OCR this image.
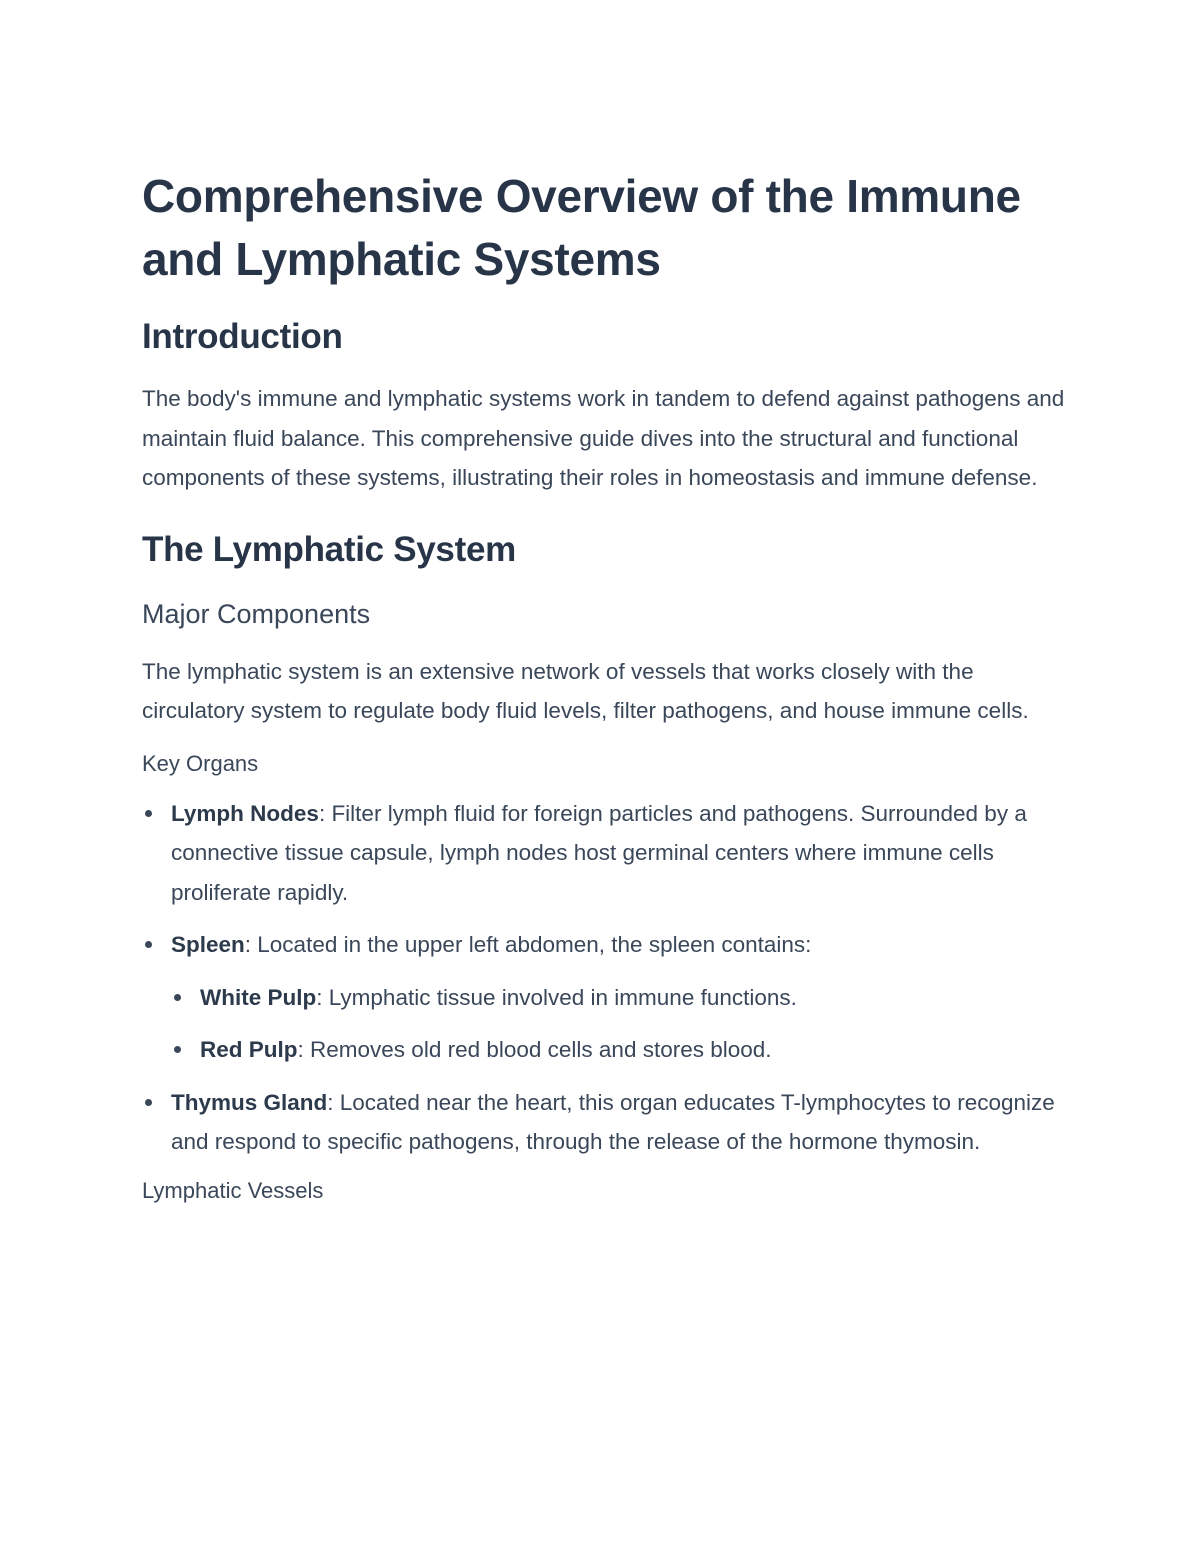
Comprehensive Overview of the Immune and Lymphatic Systems
Introduction

The body's immune and lymphatic systems work in tandem to defend against pathogens and maintain fluid balance. This comprehensive guide dives into the structural and functional components of these systems, illustrating their roles in homeostasis and immune defense.

The Lymphatic System
Major Components

The lymphatic system is an extensive network of vessels that works closely with the circulatory system to regulate body fluid levels, filter pathogens, and house immune cells.

Key Organs
Lymph Nodes: Filter lymph fluid for foreign particles and pathogens. Surrounded by a connective tissue capsule, lymph nodes host germinal centers where immune cells proliferate rapidly.
Spleen: Located in the upper left abdomen, the spleen contains:
White Pulp: Lymphatic tissue involved in immune functions.
Red Pulp: Removes old red blood cells and stores blood.
Thymus Gland: Located near the heart, this organ educates T-lymphocytes to recognize and respond to specific pathogens, through the release of the hormone thymosin.
Lymphatic Vessels
